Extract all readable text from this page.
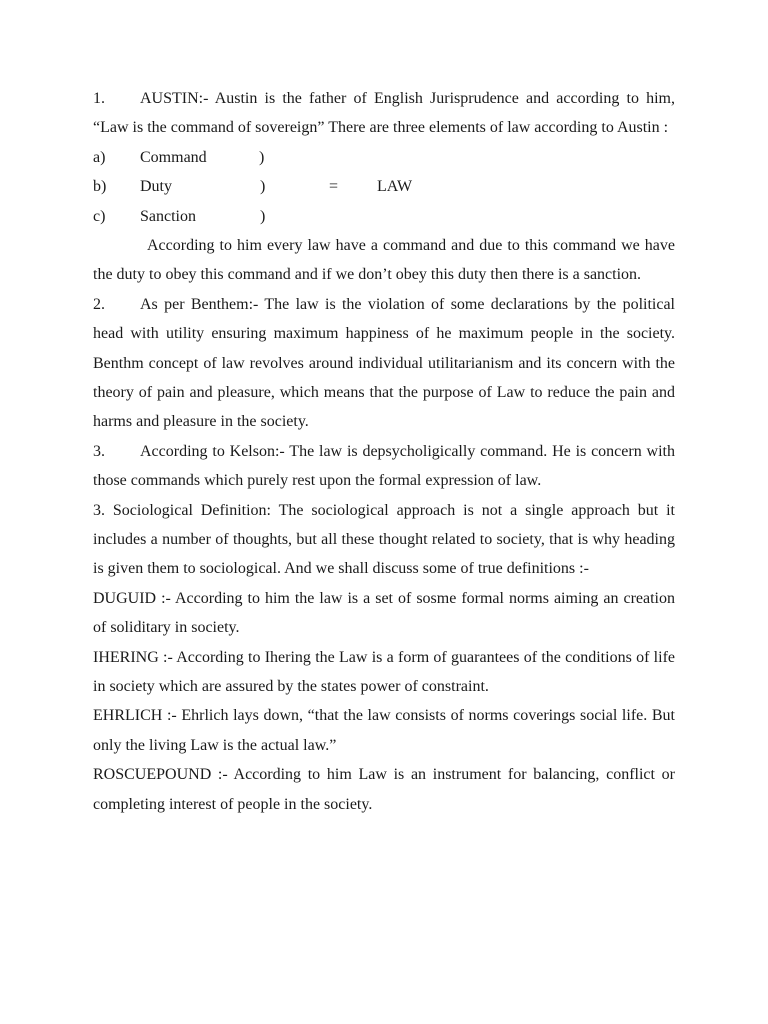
1. AUSTIN:- Austin is the father of English Jurisprudence and according to him, “Law is the command of sovereign” There are three elements of law according to Austin :

a) Command	)
b) Duty	)	= LAW
c) Sanction	)

According to him every law have a command and due to this command we have the duty to obey this command and if we don’t obey this duty then there is a sanction.

2. As per Benthem:- The law is the violation of some declarations by the political head with utility ensuring maximum happiness of he maximum people in the society. Benthm concept of law revolves around individual utilitarianism and its concern with the theory of pain and pleasure, which means that the purpose of Law to reduce the pain and harms and pleasure in the society.

3. According to Kelson:- The law is depsycholigically command. He is concern with those commands which purely rest upon the formal expression of law.

3. Sociological Definition: The sociological approach is not a single approach but it includes a number of thoughts, but all these thought related to society, that is why heading is given them to sociological. And we shall discuss some of true definitions :-

DUGUID :- According to him the law is a set of sosme formal norms aiming an creation of soliditary in society.

IHERING :- According to Ihering the Law is a form of guarantees of the conditions of life in society which are assured by the states power of constraint.

EHRLICH :- Ehrlich lays down, “that the law consists of norms coverings social life. But only the living Law is the actual law.”

ROSCUEPOUND :- According to him Law is an instrument for balancing, conflict or completing interest of people in the society.
